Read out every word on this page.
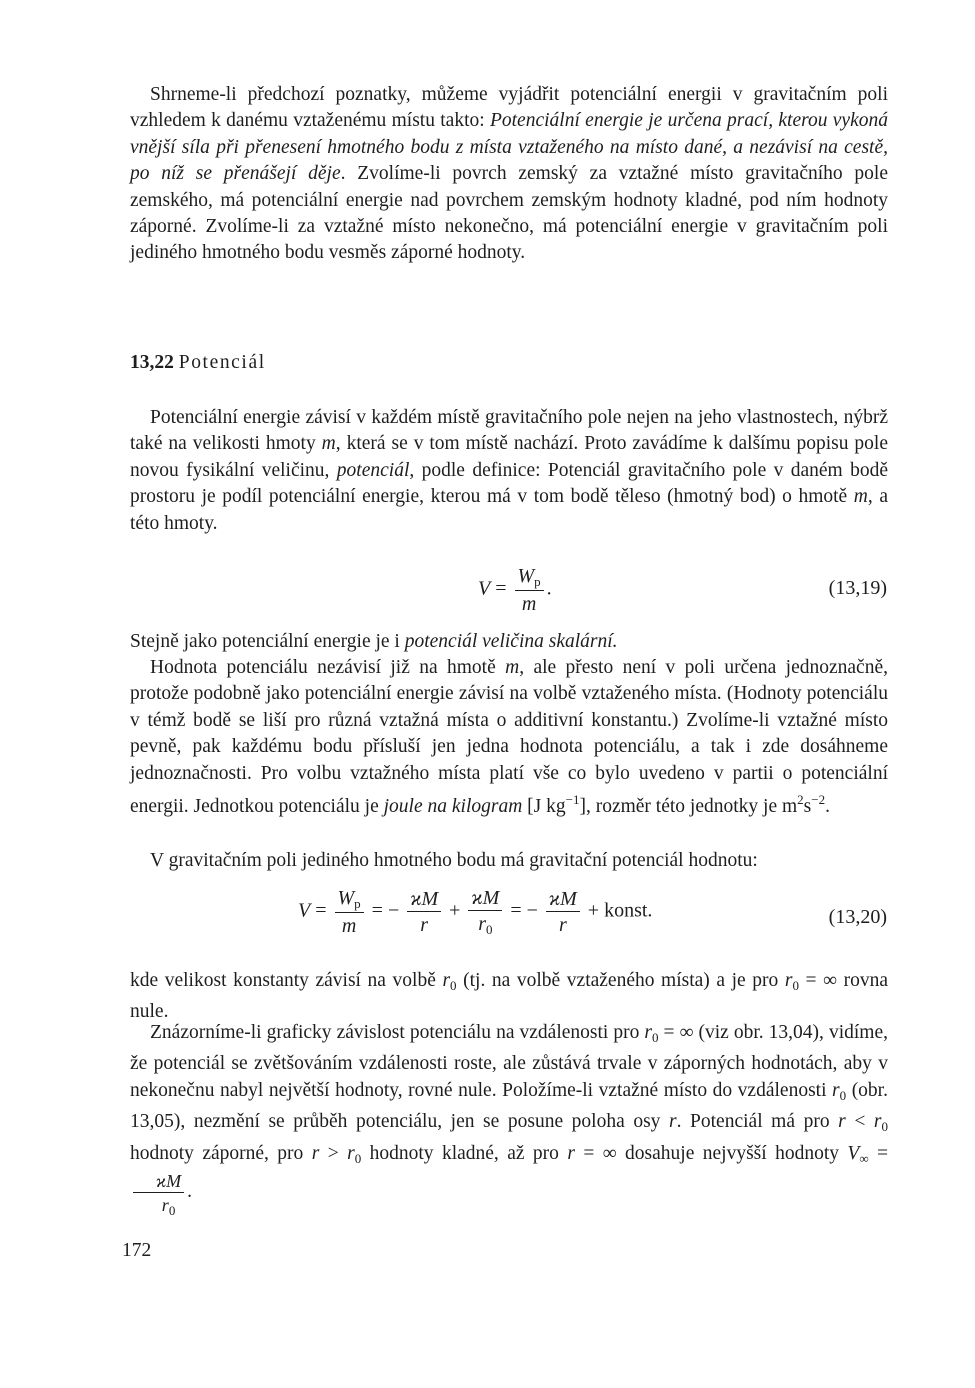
Shrneme-li předchozí poznatky, můžeme vyjádřit potenciální energii v gravitačním poli vzhledem k danému vztaženému místu takto: Potenciální energie je určena prací, kterou vykoná vnější síla při přenesení hmotného bodu z místa vztaženého na místo dané, a nezávisí na cestě, po níž se přenášejí děje. Zvolíme-li povrch zemský za vztažné místo gravitačního pole zemského, má potenciální energie nad povrchem zemským hodnoty kladné, pod ním hodnoty záporné. Zvolíme-li za vztažné místo nekonečno, má potenciální energie v gravitačním poli jediného hmotného bodu vesměs záporné hodnoty.

13,22 Potenciál

Potenciální energie závisí v každém místě gravitačního pole nejen na jeho vlastnostech, nýbrž také na velikosti hmoty m, která se v tom místě nachází. Proto zavádíme k dalšímu popisu pole novou fysikální veličinu, potenciál, podle definice: Potenciál gravitačního pole v daném bodě prostoru je podíl potenciální energie, kterou má v tom bodě těleso (hmotný bod) o hmotě m, a této hmoty.

$V = \frac{W_p}{m}$ .	(13,19)

Stejně jako potenciální energie je i potenciál veličina skalární.

Hodnota potenciálu nezávisí již na hmotě m, ale přesto není v poli určena jednoznačně, protože podobně jako potenciální energie závisí na volbě vztaženého místa. (Hodnoty potenciálu v témž bodě se liší pro různá vztažná místa o additivní konstantu.) Zvolíme-li vztažné místo pevně, pak každému bodu přísluší jen jedna hodnota potenciálu, a tak i zde dosáhneme jednoznačnosti. Pro volbu vztažného místa platí vše co bylo uvedeno v partii o potenciální energii. Jednotkou potenciálu je joule na kilogram [J $kg^{-1}$], rozměr této jednotky je $m^2s^{-2}$.

V gravitačním poli jediného hmotného bodu má gravitační potenciál hodnotu:

$V = \frac{W_p}{m}$ = − $\frac{ϰM}{r} + \frac{ϰM}{r_0}$ = − $\frac{ϰM}{r}$ + konst.	(13,20)

kde velikost konstanty závisí na volbě $r_0$ (tj. na volbě vztaženého místa) a je pro $r_0$ = ∞ rovna nule.

Znázorníme-li graficky závislost potenciálu na vzdálenosti pro $r_0$ = ∞ (viz obr. 13,04), vidíme, že potenciál se zvětšováním vzdálenosti roste, ale zůstává trvale v záporných hodnotách, aby v nekonečnu nabyl největší hodnoty, rovné nule. Položíme-li vztažné místo do vzdálenosti $r_0$ (obr. 13,05), nezmění se průběh potenciálu, jen se posune poloha osy r. Potenciál má pro $r < r_0$ hodnoty záporné, pro $r > r_0$ hodnoty kladné, až pro r = ∞ dosahuje nejvyšší hodnoty $V_\infty$ =
$\frac{ϰM}{r_0}$ .

172
